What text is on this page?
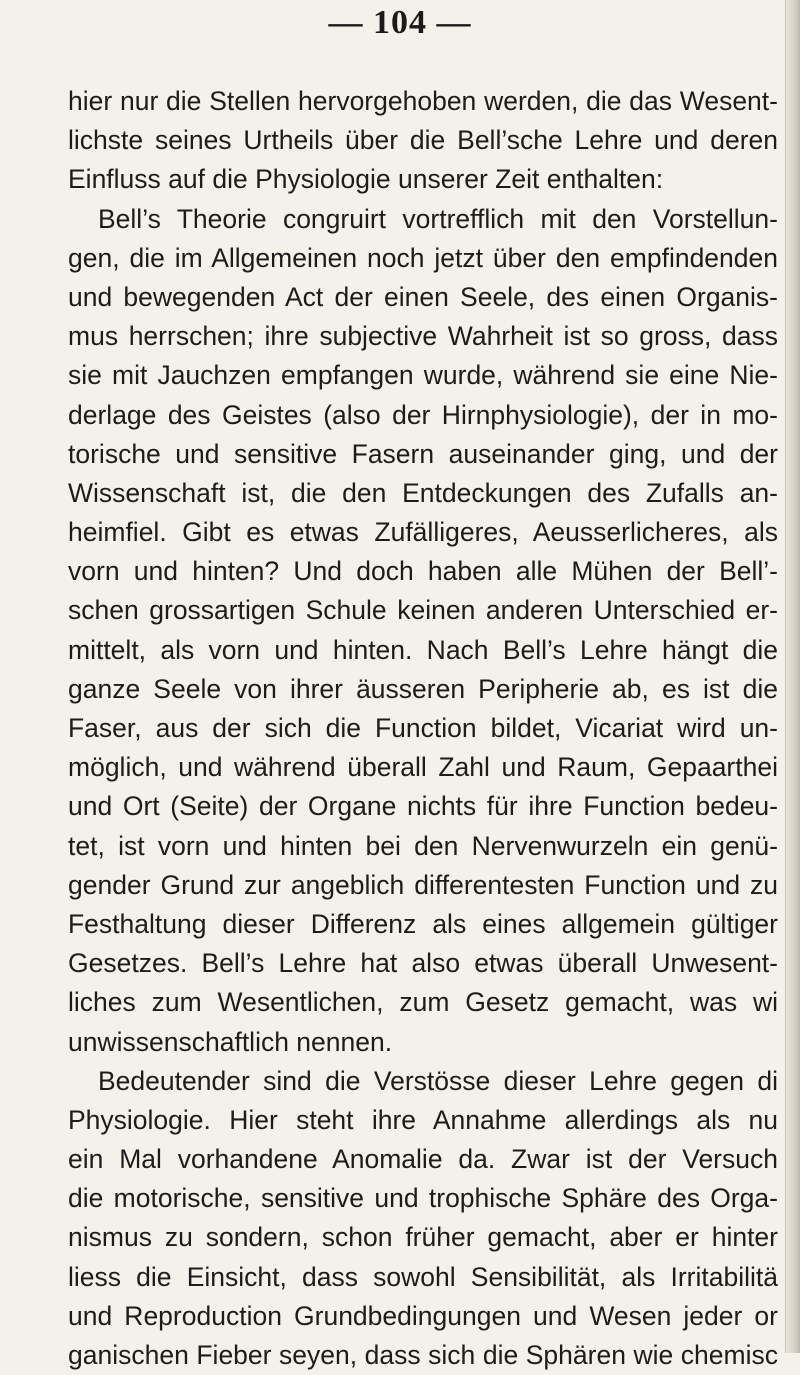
— 104 —
hier nur die Stellen hervorgehoben werden, die das Wesent-
lichste seines Urtheils über die Bell’sche Lehre und deren
Einfluss auf die Physiologie unserer Zeit enthalten:
Bell’s Theorie congruirt vortrefflich mit den Vorstellun-
gen, die im Allgemeinen noch jetzt über den empfindenden
und bewegenden Act der einen Seele, des einen Organis-
mus herrschen; ihre subjective Wahrheit ist so gross, dass
sie mit Jauchzen empfangen wurde, während sie eine Nie-
derlage des Geistes (also der Hirnphysiologie), der in mo-
torische und sensitive Fasern auseinander ging, und der
Wissenschaft ist, die den Entdeckungen des Zufalls an-
heimfiel. Gibt es etwas Zufälligeres, Aeusserlicheres, als
vorn und hinten? Und doch haben alle Mühen der Bell’-
schen grossartigen Schule keinen anderen Unterschied er-
mittelt, als vorn und hinten. Nach Bell’s Lehre hängt die
ganze Seele von ihrer äusseren Peripherie ab, es ist die
Faser, aus der sich die Function bildet, Vicariat wird un-
möglich, und während überall Zahl und Raum, Gepaarthei
und Ort (Seite) der Organe nichts für ihre Function bedeu-
tet, ist vorn und hinten bei den Nervenwurzeln ein genü-
gender Grund zur angeblich differentesten Function und zu
Festhaltung dieser Differenz als eines allgemein gültiger
Gesetzes. Bell’s Lehre hat also etwas überall Unwesent-
liches zum Wesentlichen, zum Gesetz gemacht, was wi
unwissenschaftlich nennen.
Bedeutender sind die Verstösse dieser Lehre gegen di
Physiologie. Hier steht ihre Annahme allerdings als nu
ein Mal vorhandene Anomalie da. Zwar ist der Versuch
die motorische, sensitive und trophische Sphäre des Orga-
nismus zu sondern, schon früher gemacht, aber er hinter
liess die Einsicht, dass sowohl Sensibilität, als Irritabilitä
und Reproduction Grundbedingungen und Wesen jeder or
ganischen Fieber seyen, dass sich die Sphären wie chemisc
